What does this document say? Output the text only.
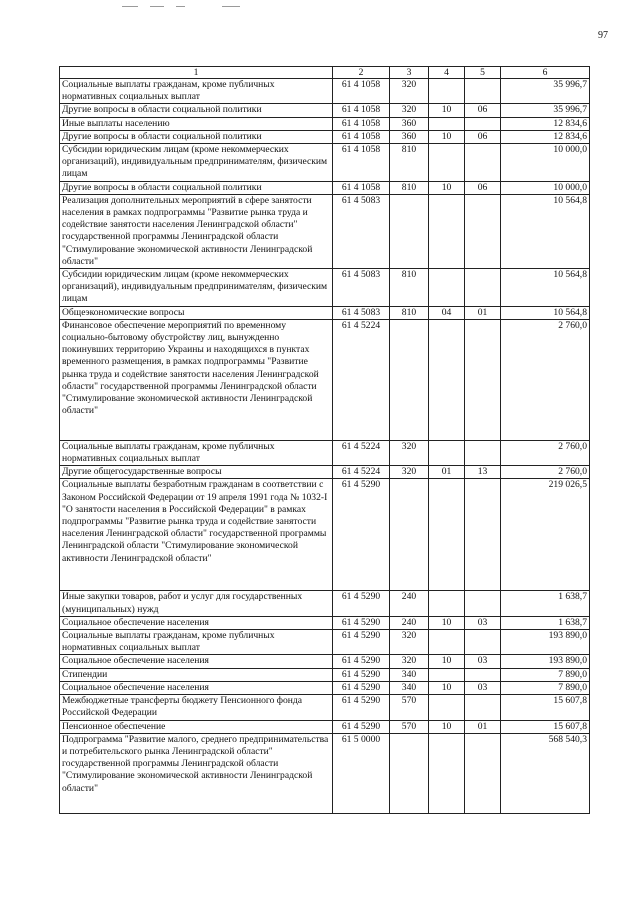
97
1	2	3	4	5	6
Социальные выплаты гражданам, кроме публичных нормативных социальных выплат	61 4 1058	320			35 996,7
Другие вопросы в области социальной политики	61 4 1058	320	10	06	35 996,7
Иные выплаты населению	61 4 1058	360			12 834,6
Другие вопросы в области социальной политики	61 4 1058	360	10	06	12 834,6
Субсидии юридическим лицам (кроме некоммерческих организаций), индивидуальным предпринимателям, физическим лицам	61 4 1058	810			10 000,0
Другие вопросы в области социальной политики	61 4 1058	810	10	06	10 000,0
Реализация дополнительных мероприятий в сфере занятости населения в рамках подпрограммы "Развитие рынка труда и содействие занятости населения Ленинградской области" государственной программы Ленинградской области "Стимулирование экономической активности Ленинградской области"	61 4 5083				10 564,8
Субсидии юридическим лицам (кроме некоммерческих организаций), индивидуальным предпринимателям, физическим лицам	61 4 5083	810			10 564,8
Общеэкономические вопросы	61 4 5083	810	04	01	10 564,8
Финансовое обеспечение мероприятий по временному социально-бытовому обустройству лиц, вынужденно покинувших территорию Украины и находящихся в пунктах временного размещения, в рамках подпрограммы "Развитие рынка труда и содействие занятости населения Ленинградской области" государственной программы Ленинградской области "Стимулирование экономической активности Ленинградской области"	61 4 5224				2 760,0
Социальные выплаты гражданам, кроме публичных нормативных социальных выплат	61 4 5224	320			2 760,0
Другие общегосударственные вопросы	61 4 5224	320	01	13	2 760,0
Социальные выплаты безработным гражданам в соответствии с Законом Российской Федерации от 19 апреля 1991 года № 1032-I "О занятости населения в Российской Федерации" в рамках подпрограммы "Развитие рынка труда и содействие занятости населения Ленинградской области" государственной программы Ленинградской области "Стимулирование экономической активности Ленинградской области"	61 4 5290				219 026,5
Иные закупки товаров, работ и услуг для государственных (муниципальных) нужд	61 4 5290	240			1 638,7
Социальное обеспечение населения	61 4 5290	240	10	03	1 638,7
Социальные выплаты гражданам, кроме публичных нормативных социальных выплат	61 4 5290	320			193 890,0
Социальное обеспечение населения	61 4 5290	320	10	03	193 890,0
Стипендии	61 4 5290	340			7 890,0
Социальное обеспечение населения	61 4 5290	340	10	03	7 890,0
Межбюджетные трансферты бюджету Пенсионного фонда Российской Федерации	61 4 5290	570			15 607,8
Пенсионное обеспечение	61 4 5290	570	10	01	15 607,8
Подпрограмма "Развитие малого, среднего предпринимательства и потребительского рынка Ленинградской области" государственной программы Ленинградской области "Стимулирование экономической активности Ленинградской области"	61 5 0000				568 540,3
